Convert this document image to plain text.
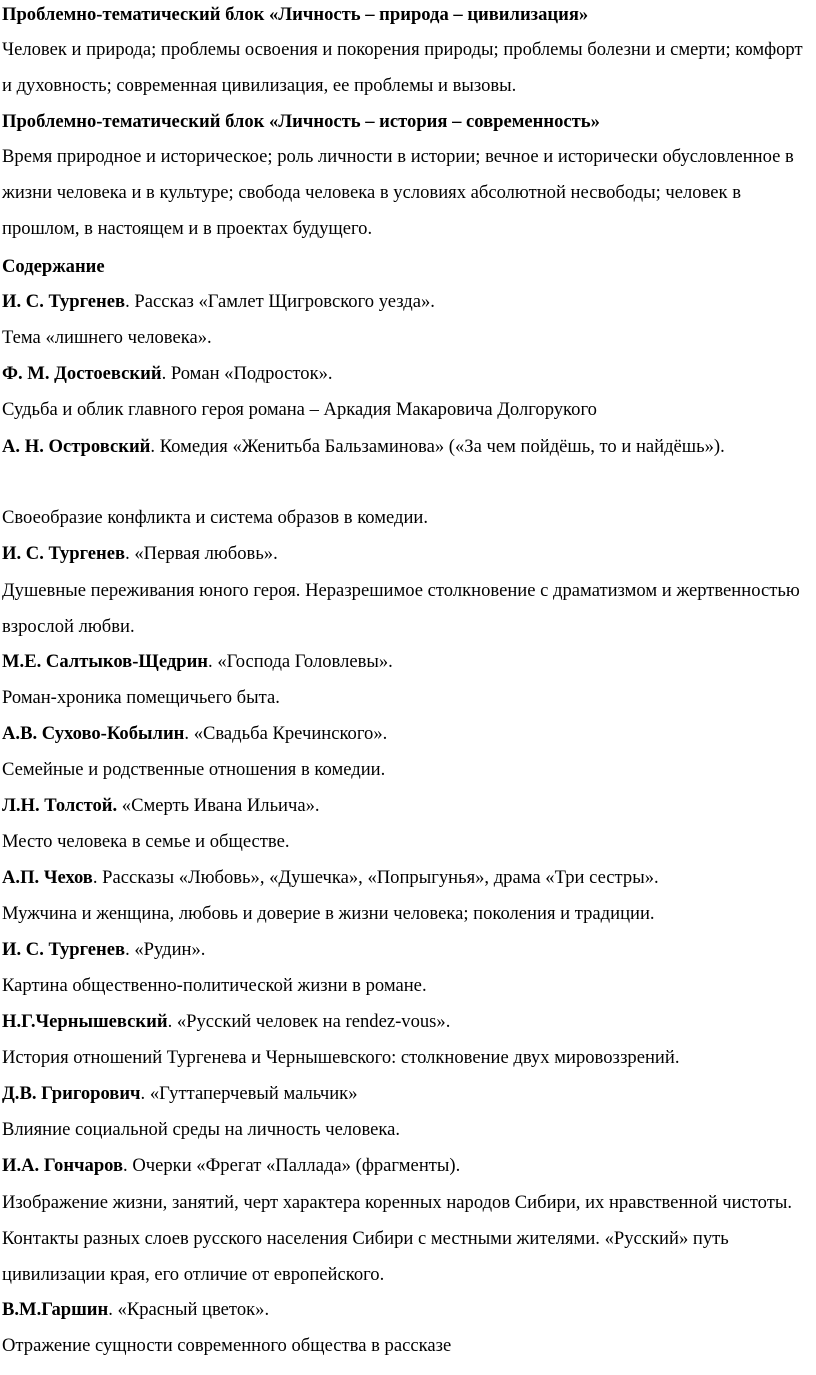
Проблемно-тематический блок «Личность – природа – цивилизация»
Человек и природа; проблемы освоения и покорения природы; проблемы болезни и смерти; комфорт и духовность; современная цивилизация, ее проблемы и вызовы.
Проблемно-тематический блок «Личность – история – современность»
Время природное и историческое; роль личности в истории; вечное и исторически обусловленное в жизни человека и в культуре; свобода человека в условиях абсолютной несвободы; человек в прошлом, в настоящем и в проектах будущего.
Содержание
И. С. Тургенев. Рассказ «Гамлет Щигровского уезда».
Тема «лишнего человека».
Ф. М. Достоевский. Роман «Подросток».
Судьба и облик главного героя романа – Аркадия Макаровича Долгорукого
А. Н. Островский. Комедия «Женитьба Бальзаминова» («За чем пойдёшь, то и найдёшь»).
Своеобразие конфликта и система образов в комедии.
И. С. Тургенев. «Первая любовь».
Душевные переживания юного героя. Неразрешимое столкновение с драматизмом и жертвенностью взрослой любви.
М.Е. Салтыков-Щедрин. «Господа Головлевы».
Роман-хроника помещичьего быта.
А.В. Сухово-Кобылин. «Свадьба Кречинского».
Семейные и родственные отношения в комедии.
Л.Н. Толстой. «Смерть Ивана Ильича».
Место человека в семье и обществе.
А.П. Чехов. Рассказы «Любовь», «Душечка», «Попрыгунья», драма «Три сестры».
Мужчина и женщина, любовь и доверие в жизни человека; поколения и традиции.
И. С. Тургенев. «Рудин».
Картина общественно-политической жизни в романе.
Н.Г.Чернышевский. «Русский человек на rendez-vous».
История отношений Тургенева и Чернышевского: столкновение двух мировоззрений.
Д.В. Григорович. «Гуттаперчевый мальчик»
Влияние социальной среды на личность человека.
И.А. Гончаров. Очерки «Фрегат «Паллада» (фрагменты).
Изображение жизни, занятий, черт характера коренных народов Сибири, их нравственной чистоты. Контакты разных слоев русского населения Сибири с местными жителями. «Русский» путь цивилизации края, его отличие от европейского.
В.М.Гаршин. «Красный цветок».
Отражение сущности современного общества в рассказе
